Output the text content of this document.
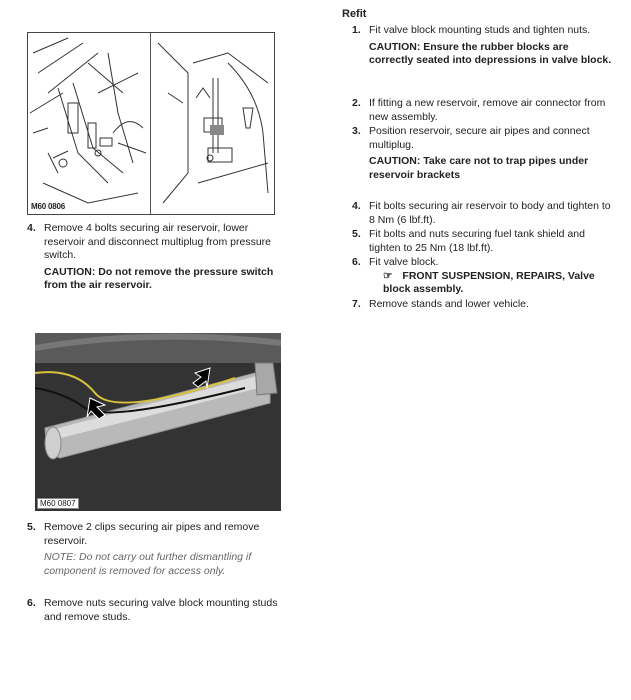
M60 0806
M60 0807
4. Remove 4 bolts securing air reservoir, lower reservoir and disconnect multiplug from pressure switch.
CAUTION: Do not remove the pressure switch from the air reservoir.
5. Remove 2 clips securing air pipes and remove reservoir.
NOTE: Do not carry out further dismantling if component is removed for access only.
6. Remove nuts securing valve block mounting studs and remove studs.
Refit
1. Fit valve block mounting studs and tighten nuts.
CAUTION: Ensure the rubber blocks are correctly seated into depressions in valve block.
2. If fitting a new reservoir, remove air connector from new assembly.
3. Position reservoir, secure air pipes and connect multiplug.
CAUTION: Take care not to trap pipes under reservoir brackets
4. Fit bolts securing air reservoir to body and tighten to 8 Nm (6 lbf.ft).
5. Fit bolts and nuts securing fuel tank shield and tighten to 25 Nm (18 lbf.ft).
6. Fit valve block.
☞ FRONT SUSPENSION, REPAIRS, Valve block assembly.
7. Remove stands and lower vehicle.
